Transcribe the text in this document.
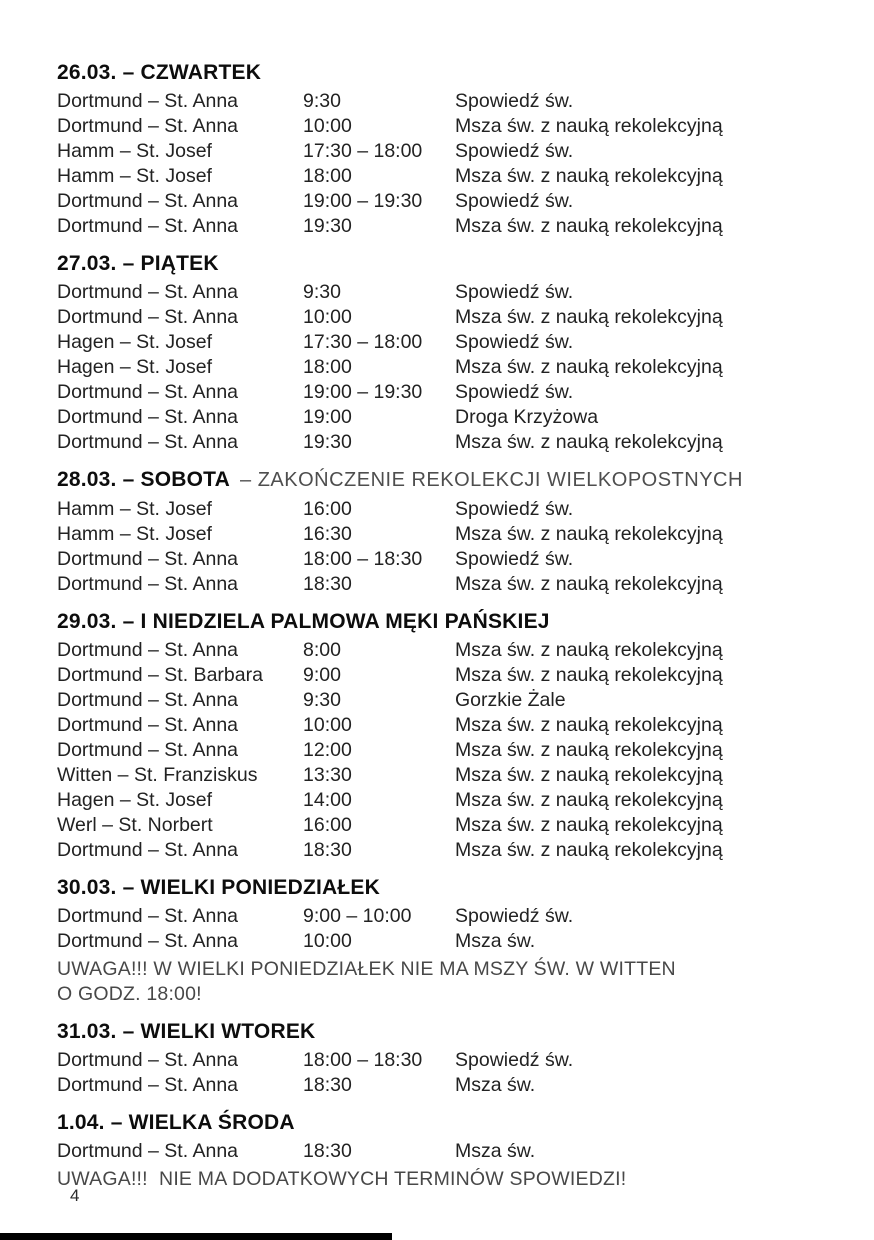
26.03. – CZWARTEK
Dortmund – St. Anna	9:30	Spowiedź św.
Dortmund – St. Anna	10:00	Msza św. z nauką rekolekcyjną
Hamm – St. Josef	17:30 – 18:00	Spowiedź św.
Hamm – St. Josef	18:00	Msza św. z nauką rekolekcyjną
Dortmund – St. Anna	19:00 – 19:30	Spowiedź św.
Dortmund – St. Anna	19:30	Msza św. z nauką rekolekcyjną
27.03. – PIĄTEK
Dortmund – St. Anna	9:30	Spowiedź św.
Dortmund – St. Anna	10:00	Msza św. z nauką rekolekcyjną
Hagen – St. Josef	17:30 – 18:00	Spowiedź św.
Hagen – St. Josef	18:00	Msza św. z nauką rekolekcyjną
Dortmund – St. Anna	19:00 – 19:30	Spowiedź św.
Dortmund – St. Anna	19:00	Droga Krzyżowa
Dortmund – St. Anna	19:30	Msza św. z nauką rekolekcyjną
28.03. – SOBOTA – ZAKOŃCZENIE REKOLEKCJI WIELKOPOSTNYCH
Hamm – St. Josef	16:00	Spowiedź św.
Hamm – St. Josef	16:30	Msza św. z nauką rekolekcyjną
Dortmund – St. Anna	18:00 – 18:30	Spowiedź św.
Dortmund – St. Anna	18:30	Msza św. z nauką rekolekcyjną
29.03. – I NIEDZIELA PALMOWA MĘKI PAŃSKIEJ
Dortmund – St. Anna	8:00	Msza św. z nauką rekolekcyjną
Dortmund – St. Barbara	9:00	Msza św. z nauką rekolekcyjną
Dortmund – St. Anna	9:30	Gorzkie Żale
Dortmund – St. Anna	10:00	Msza św. z nauką rekolekcyjną
Dortmund – St. Anna	12:00	Msza św. z nauką rekolekcyjną
Witten – St. Franziskus	13:30	Msza św. z nauką rekolekcyjną
Hagen – St. Josef	14:00	Msza św. z nauką rekolekcyjną
Werl – St. Norbert	16:00	Msza św. z nauką rekolekcyjną
Dortmund – St. Anna	18:30	Msza św. z nauką rekolekcyjną
30.03. – WIELKI PONIEDZIAŁEK
Dortmund – St. Anna	9:00 – 10:00	Spowiedź św.
Dortmund – St. Anna	10:00	Msza św.

UWAGA!!! W WIELKI PONIEDZIAŁEK NIE MA MSZY ŚW. W WITTEN
O GODZ. 18:00!

31.03. – WIELKI WTOREK
Dortmund – St. Anna	18:00 – 18:30	Spowiedź św.
Dortmund – St. Anna	18:30	Msza św.
1.04. – WIELKA ŚRODA
Dortmund – St. Anna	18:30	Msza św.

UWAGA!!!  NIE MA DODATKOWYCH TERMINÓW SPOWIEDZI!

4
